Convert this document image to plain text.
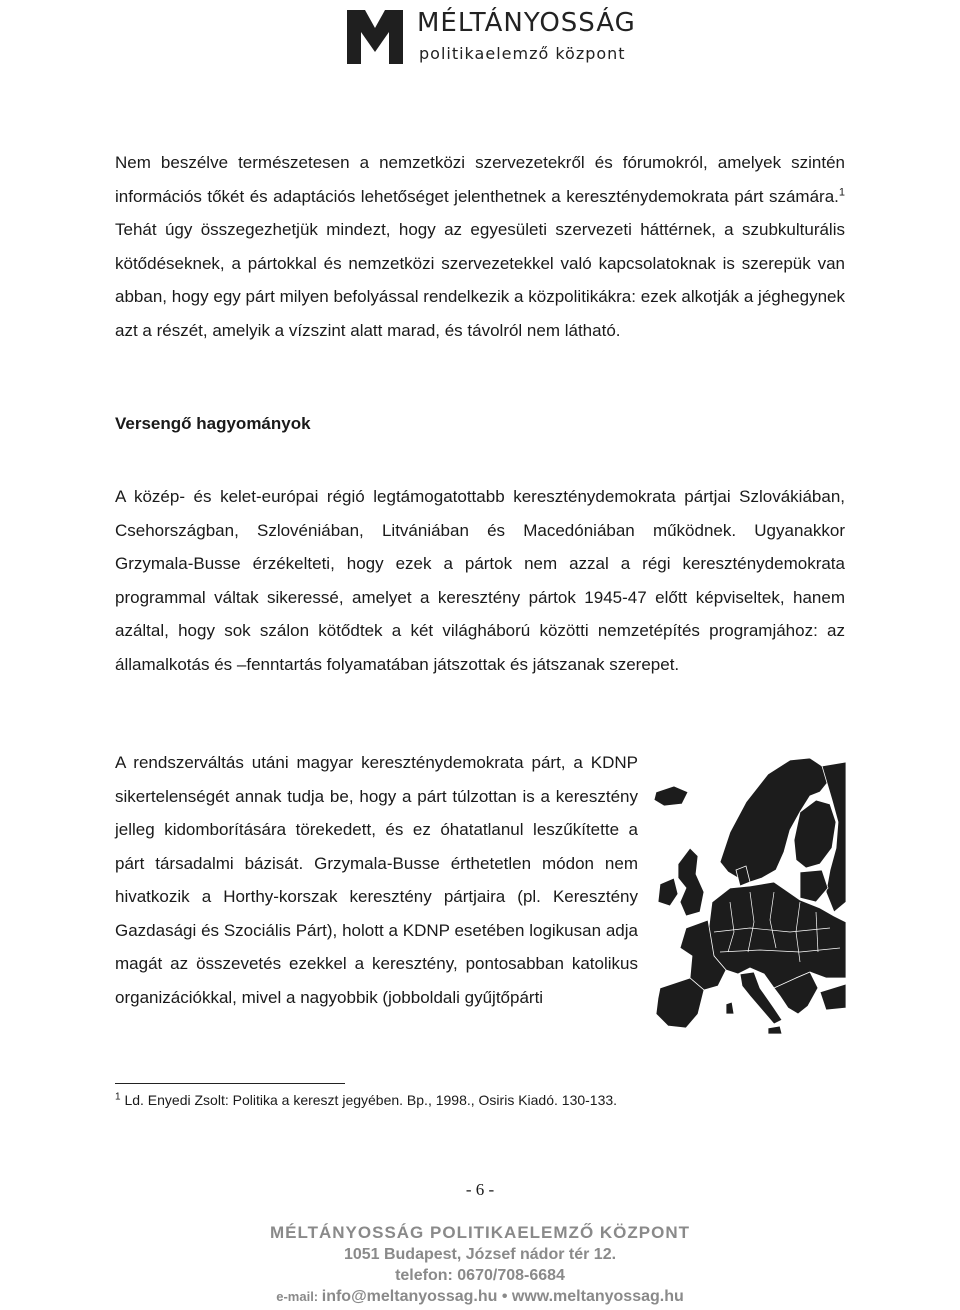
MÉLTÁNYOSSÁG
politikaelemző központ

Nem beszélve természetesen a nemzetközi szervezetekről és fórumokról, amelyek szintén információs tőkét és adaptációs lehetőséget jelenthetnek a kereszténydemokrata párt számára.$^1$ Tehát úgy összegezhetjük mindezt, hogy az egyesületi szervezeti háttérnek, a szubkulturális kötődéseknek, a pártokkal és nemzetközi szervezetekkel való kapcsolatoknak is szerepük van abban, hogy egy párt milyen befolyással rendelkezik a közpolitikákra: ezek alkotják a jéghegynek azt a részét, amelyik a vízszint alatt marad, és távolról nem látható.

Versengő hagyományok

A közép- és kelet-európai régió legtámogatottabb kereszténydemokrata pártjai Szlovákiában, Csehországban, Szlovéniában, Litvániában és Macedóniában működnek. Ugyanakkor Grzymala-Busse érzékelteti, hogy ezek a pártok nem azzal a régi kereszténydemokrata programmal váltak sikeressé, amelyet a keresztény pártok 1945-47 előtt képviseltek, hanem azáltal, hogy sok szálon kötődtek a két világháború közötti nemzetépítés programjához: az államalkotás és –fenntartás folyamatában játszottak és játszanak szerepet.

A rendszerváltás utáni magyar kereszténydemokrata párt, a KDNP sikertelenségét annak tudja be, hogy a párt túlzottan is a keresztény jelleg kidomborítására törekedett, és ez óhatatlanul leszűkítette a párt társadalmi bázisát. Grzymala-Busse érthetetlen módon nem hivatkozik a Horthy-korszak keresztény pártjaira (pl. Keresztény Gazdasági és Szociális Párt), holott a KDNP esetében logikusan adja magát az összevetés ezekkel a keresztény, pontosabban katolikus organizációkkal, mivel a nagyobbik (jobboldali gyűjtőpárti

$^1$ Ld. Enyedi Zsolt: Politika a kereszt jegyében. Bp., 1998., Osiris Kiadó. 130-133.

- 6 -
MÉLTÁNYOSSÁG POLITIKAELEMZŐ KÖZPONT
1051 Budapest, József nádor tér 12.
telefon: 0670/708-6684
e-mail: info@meltanyossag.hu • www.meltanyossag.hu
